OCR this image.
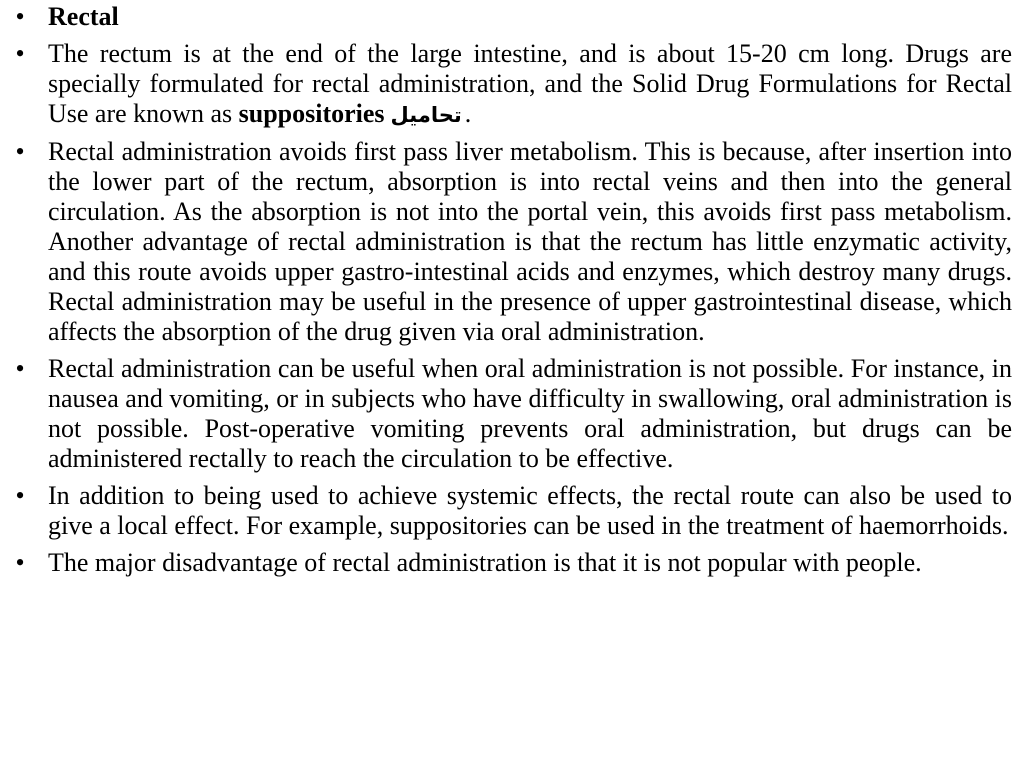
• Rectal
• The rectum is at the end of the large intestine, and is about 15-20 cm long. Drugs are specially formulated for rectal administration, and the Solid Drug Formulations for Rectal Use are known as suppositories تحاميل .
• Rectal administration avoids first pass liver metabolism. This is because, after insertion into the lower part of the rectum, absorption is into rectal veins and then into the general circulation. As the absorption is not into the portal vein, this avoids first pass metabolism. Another advantage of rectal administration is that the rectum has little enzymatic activity, and this route avoids upper gastro-intestinal acids and enzymes, which destroy many drugs. Rectal administration may be useful in the presence of upper gastrointestinal disease, which affects the absorption of the drug given via oral administration.
• Rectal administration can be useful when oral administration is not possible. For instance, in nausea and vomiting, or in subjects who have difficulty in swallowing, oral administration is not possible. Post-operative vomiting prevents oral administration, but drugs can be administered rectally to reach the circulation to be effective.
• In addition to being used to achieve systemic effects, the rectal route can also be used to give a local effect. For example, suppositories can be used in the treatment of haemorrhoids.
• The major disadvantage of rectal administration is that it is not popular with people.
